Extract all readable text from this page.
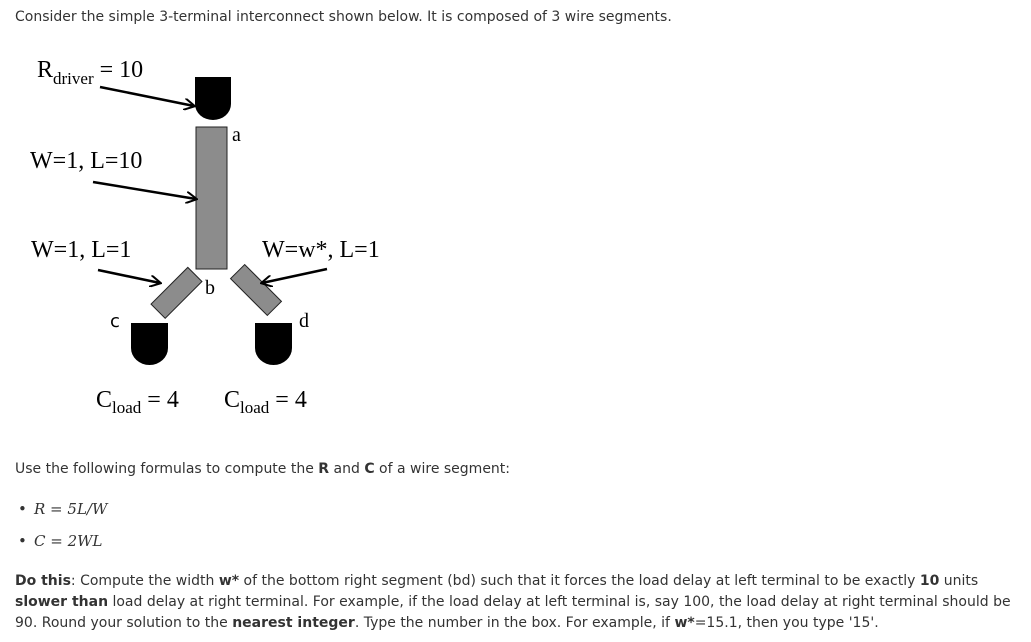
Consider the simple 3-terminal interconnect shown below. It is composed of 3 wire segments.
$R_{driver} = 10$
a
W=1, L=10
W=1, L=1	W=w*, L=1
b
c	d
$C_{load} = 4$ $C_{load} = 4$
Use the following formulas to compute the R and C of a wire segment:
• R = 5L/W
• C = 2WL
Do this: Compute the width w* of the bottom right segment (bd) such that it forces the load delay at left terminal to be exactly 10 units slower than load delay at right terminal. For example, if the load delay at left terminal is, say 100, the load delay at right terminal should be 90. Round your solution to the nearest integer. Type the number in the box. For example, if w*=15.1, then you type '15'.
